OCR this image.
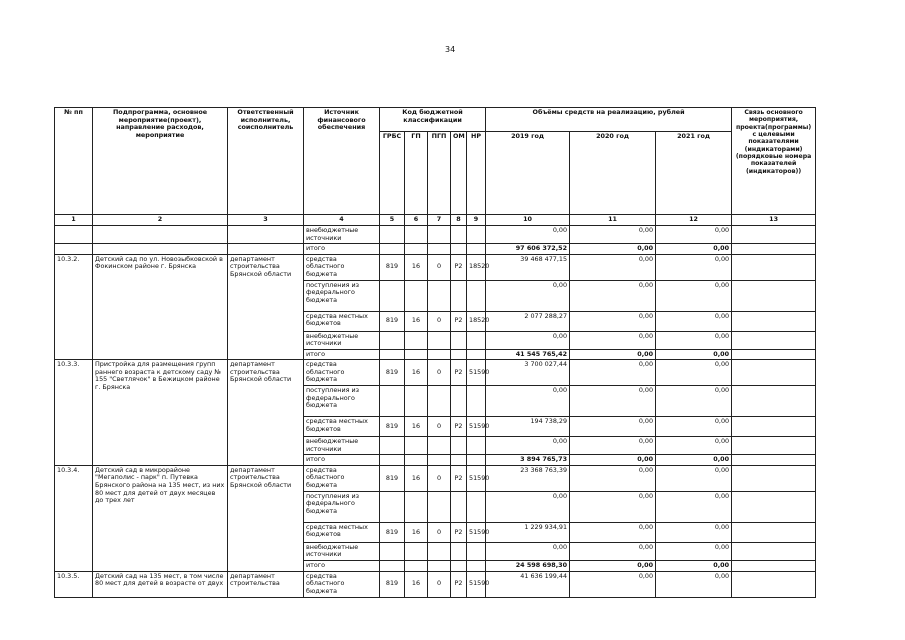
34
№ пп	Подпрограмма, основное мероприятие(проект), направление расходов, мероприятие	Ответственный исполнитель, соисполнитель	Источник финансового обеспечения	Код бюджетной классификации					Объёмы средств на реализацию, рублей			Связь основного мероприятия, проекта(программы) с целевыми показателями (индикаторами) (порядковые номера показателей (индикаторов))
				ГРБС	ГП	ПГП	ОМ	НР	2019 год	2020 год	2021 год	
1	2	3	4	5	6	7	8	9	10	11	12	13
			внебюджетные источники						0,00	0,00	0,00	
			итого						97 606 372,52	0,00	0,00	
10.3.2.	Детский сад по ул. Новозыбковской в Фокинском районе г. Брянска	департамент строительства Брянской области	средства областного бюджета	819	16	0	P2	18520	39 468 477,15	0,00	0,00	
			поступления из федерального бюджета						0,00	0,00	0,00	
			средства местных бюджетов	819	16	0	P2	18520	2 077 288,27	0,00	0,00	
			внебюджетные источники						0,00	0,00	0,00	
			итого						41 545 765,42	0,00	0,00	
10.3.3.	Пристройка для размещения групп раннего возраста к детскому саду № 155 "Светлячок" в Бежицком районе г. Брянска	департамент строительства Брянской области	средства областного бюджета	819	16	0	P2	51590	3 700 027,44	0,00	0,00	
			поступления из федерального бюджета						0,00	0,00	0,00	
			средства местных бюджетов	819	16	0	P2	51590	194 738,29	0,00	0,00	
			внебюджетные источники						0,00	0,00	0,00	
			итого						3 894 765,73	0,00	0,00	
10.3.4.	Детский сад в микрорайоне "Мегаполис - парк" п. Путевка Брянского района на 135 мест, из них 80 мест для детей от двух месяцев до трех лет	департамент строительства Брянской области	средства областного бюджета	819	16	0	P2	51590	23 368 763,39	0,00	0,00	
			поступления из федерального бюджета						0,00	0,00	0,00	
			средства местных бюджетов	819	16	0	P2	51590	1 229 934,91	0,00	0,00	
			внебюджетные источники						0,00	0,00	0,00	
			итого						24 598 698,30	0,00	0,00	
10.3.5.	Детский сад на 135 мест, в том числе 80 мест для детей в возрасте от двух	департамент строительства	средства областного бюджета	819	16	0	P2	51590	41 636 199,44	0,00	0,00	
